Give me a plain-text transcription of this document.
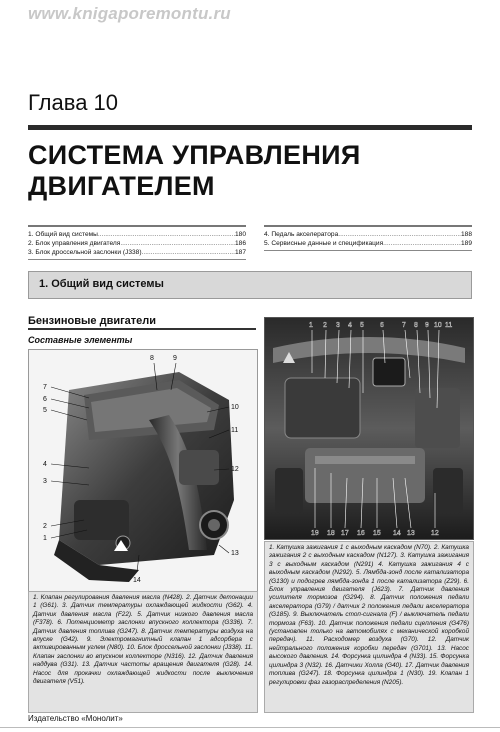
www.knigaporemontu.ru
Глава 10
СИСТЕМА УПРАВЛЕНИЯ
ДВИГАТЕЛЕМ
1. Общий вид системы .....	180
2. Блок управления двигателя .....	186
3. Блок дроссельной заслонки (J338) .....	187
4. Педаль акселератора .....	188
5. Сервисные данные и спецификация .....	189
1. Общий вид системы
Бензиновые двигатели
Составные элементы
8	9
7
6
5
4
3
2
1
10
11
12
13
14
1 2 3 4 5 6	7 8 9 10 11
19 18 17 16 15 14 13 12
1. Клапан регулирования давления масла (N428). 2. Датчик детонации 1 (G61). 3. Датчик температуры охлаждающей жидкости (G62). 4. Датчик давления масла (F22). 5. Датчик низкого давления масла (F378). 6. Потенциометр заслонки впускного коллектора (G336). 7. Датчик давления топлива (G247). 8. Датчик температуры воздуха на впуске (G42). 9. Электромагнитный клапан 1 адсорбера с активированным углем (N80). 10. Блок дроссельной заслонки (J338). 11. Клапан заслонки во впускном коллекторе (N316). 12. Датчик давления наддува (G31). 13. Датчик частоты вращения двигателя (G28). 14. Насос для прокачки охлаждающей жидкости после выключения двигателя (V51).
1. Катушка зажигания 1 с выходным каскадом (N70). 2. Катушка зажигания 2 с выходным каскадом (N127). 3. Катушка зажигания 3 с выходным каскадом (N291) 4. Катушка зажигания 4 с выходным каскадом (N292). 5. Лямбда-зонд после катализатора (G130) и подогрев лямбда-зонда 1 после катализатора (Z29). 6. Блок управления двигателя (J623). 7. Датчик давления усилителя тормозов (G294). 8. Датчик положения педали акселератора (G79) / датчик 2 положения педали акселератора (G185). 9. Выключатель стоп-сигнала (F) / выключатель педали тормоза (F63). 10. Датчик положения педали сцепления (G476) (установлен только на автомобилях с механической коробкой передач). 11. Расходомер воздуха (G70). 12. Датчик нейтрального положения коробки передач (G701). 13. Насос высокого давления. 14. Форсунка цилиндра 4 (N33). 15. Форсунка цилиндра 3 (N32). 16. Датчики Холла (G40). 17. Датчик давления топлива (G247). 18. Форсунка цилиндра 1 (N30). 19. Клапан 1 регулировки фаз газораспределения (N205).
Издательство «Монолит»
